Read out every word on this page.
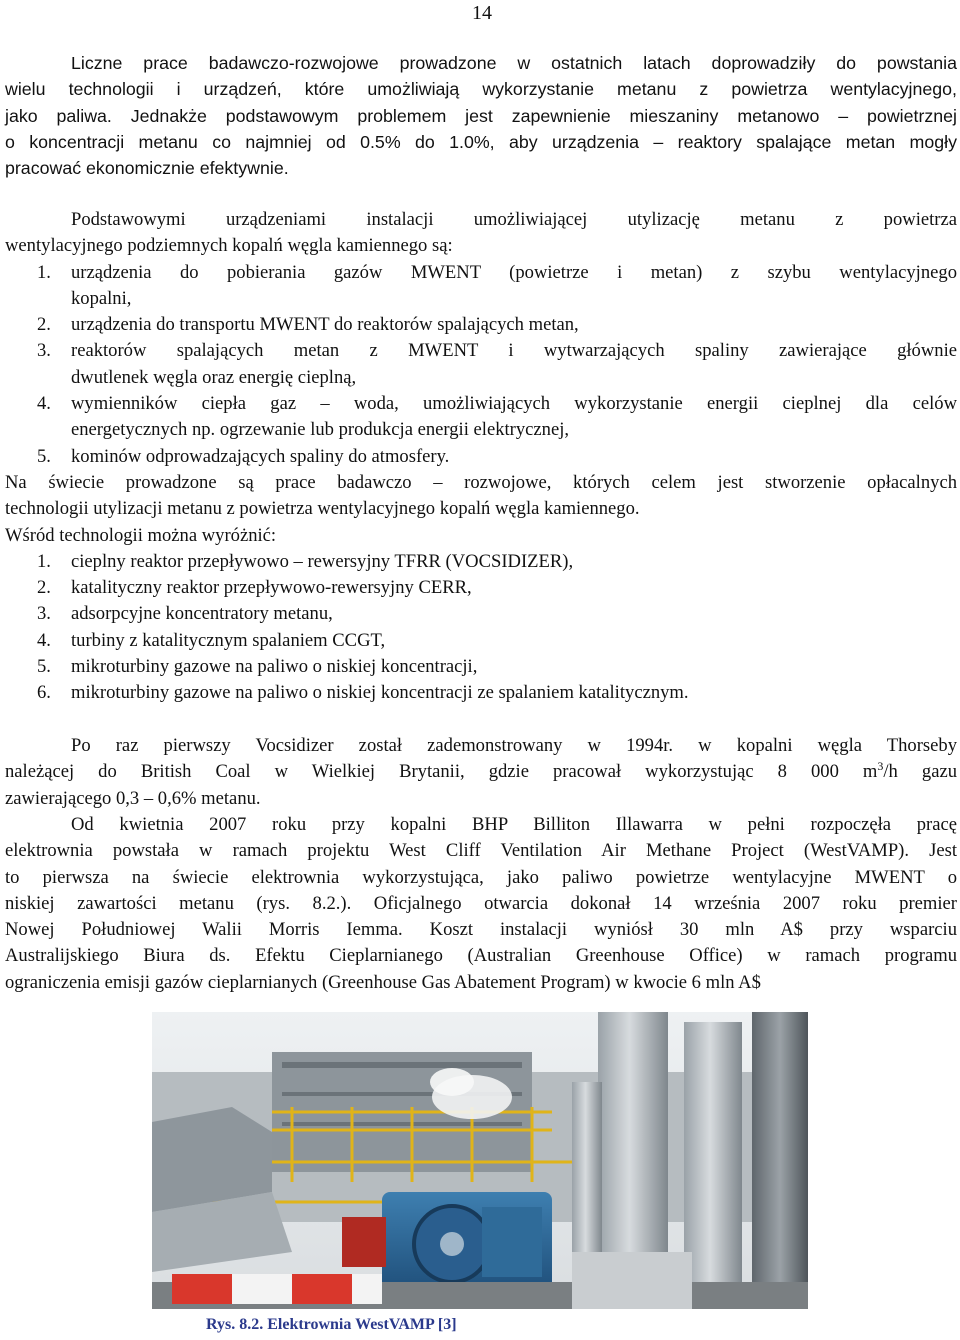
14
Liczne prace badawczo-rozwojowe prowadzone w ostatnich latach doprowadziły do powstania
wielu technologii i urządzeń, które umożliwiają wykorzystanie metanu z powietrza wentylacyjnego,
jako paliwa. Jednakże podstawowym problemem jest zapewnienie mieszaniny metanowo – powietrznej
o koncentracji metanu co najmniej od 0.5% do 1.0%, aby urządzenia – reaktory spalające metan mogły
pracować ekonomicznie efektywnie.
Podstawowymi urządzeniami instalacji umożliwiającej utylizację metanu z powietrza
wentylacyjnego podziemnych kopalń węgla kamiennego są:
1.	urządzenia do pobierania gazów MWENT (powietrze i metan) z szybu wentylacyjnego
kopalni,
2.	urządzenia do transportu MWENT do reaktorów spalających metan,
3.	reaktorów spalających metan z MWENT i wytwarzających spaliny zawierające głównie
dwutlenek węgla oraz energię cieplną,
4.	wymienników ciepła gaz – woda, umożliwiających wykorzystanie energii cieplnej dla celów
energetycznych np. ogrzewanie lub produkcja energii elektrycznej,
5.	kominów odprowadzających spaliny do atmosfery.
Na świecie prowadzone są prace badawczo – rozwojowe, których celem jest stworzenie opłacalnych
technologii utylizacji metanu z powietrza wentylacyjnego kopalń węgla kamiennego.
Wśród technologii można wyróżnić:
1. cieplny reaktor przepływowo – rewersyjny TFRR (VOCSIDIZER),
2. katalityczny reaktor przepływowo-rewersyjny CERR,
3. adsorpcyjne koncentratory metanu,
4. turbiny z katalitycznym spalaniem CCGT,
5. mikroturbiny gazowe na paliwo o niskiej koncentracji,
6. mikroturbiny gazowe na paliwo o niskiej koncentracji ze spalaniem katalitycznym.
Po raz pierwszy Vocsidizer został zademonstrowany w 1994r. w kopalni węgla Thorseby
należącej do British Coal w Wielkiej Brytanii, gdzie pracował wykorzystując 8 000 $m^3/h$ gazu
zawierającego 0,3 – 0,6% metanu.
Od kwietnia 2007 roku przy kopalni BHP Billiton Illawarra w pełni rozpoczęła pracę
elektrownia powstała w ramach projektu West Cliff Ventilation Air Methane Project (WestVAMP). Jest
to pierwsza na świecie elektrownia wykorzystująca, jako paliwo powietrze wentylacyjne MWENT o
niskiej zawartości metanu (rys. 8.2.). Oficjalnego otwarcia dokonał 14 września 2007 roku premier
Nowej Południowej Walii Morris Iemma. Koszt instalacji wyniósł 30 mln A$ przy wsparciu
Australijskiego Biura ds. Efektu Cieplarnianego (Australian Greenhouse Office) w ramach programu
ograniczenia emisji gazów cieplarnianych (Greenhouse Gas Abatement Program) w kwocie 6 mln A$
Rys. 8.2. Elektrownia WestVAMP [3]
